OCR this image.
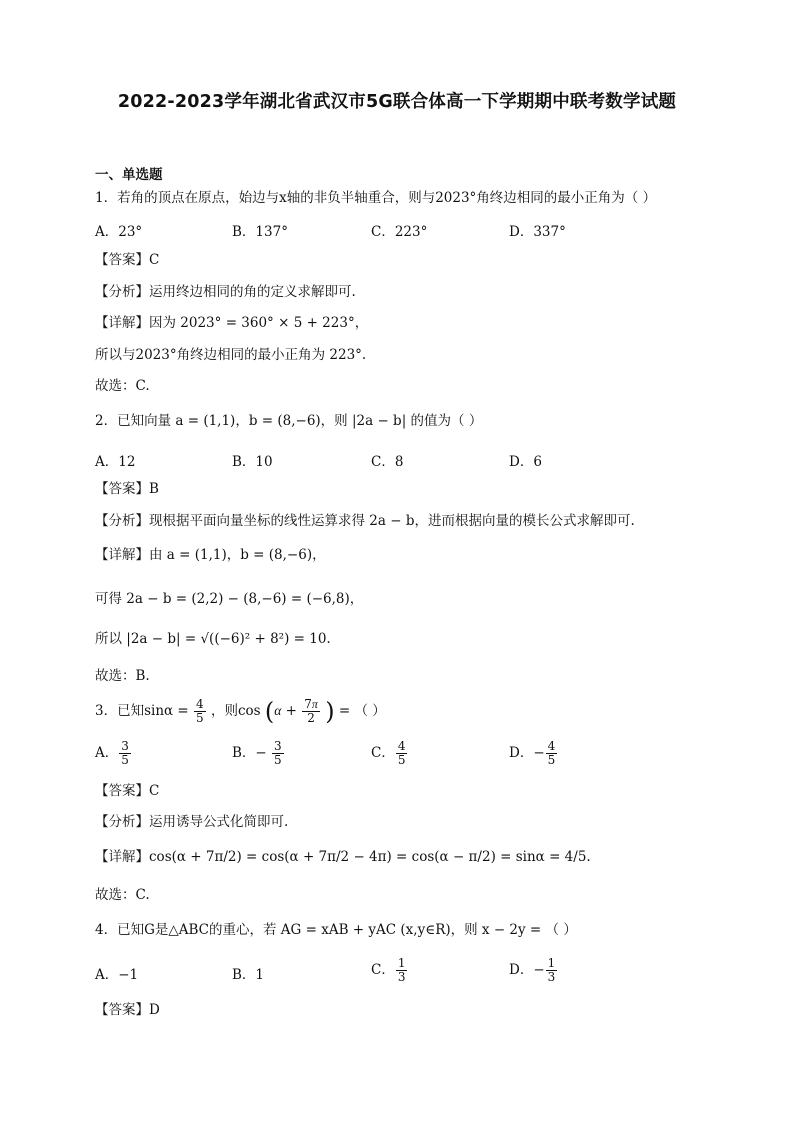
2022-2023学年湖北省武汉市5G联合体高一下学期期中联考数学试题
一、单选题
1．若角的顶点在原点，始边与x轴的非负半轴重合，则与2023°角终边相同的最小正角为（ ）
A．23°	B．137°	C．223°	D．337°
【答案】C
【分析】运用终边相同的角的定义求解即可.
【详解】因为 2023° = 360° × 5 + 223°，
所以与2023°角终边相同的最小正角为 223°.
故选：C.
2．已知向量 a = (1,1)，b = (8,−6)，则 |2a − b| 的值为（ ）
A．12	B．10	C．8	D．6
【答案】B
【分析】现根据平面向量坐标的线性运算求得 2a − b，进而根据向量的模长公式求解即可.
【详解】由 a = (1,1)，b = (8,−6)，
可得 2a − b = (2,2) − (8,−6) = (−6,8)，
所以 |2a − b| = √((−6)² + 8²) = 10.
故选：B.
3．已知$\sin\alpha = \frac{4}{5}$ ，则$\cos (\alpha + \frac{7\pi}{2}$ ) = （ ）
A． $\frac{3}{5}$	B．− $\frac{3}{5}$	C． $\frac{4}{5}$	D．− $\frac{4}{5}$
【答案】C
【分析】运用诱导公式化简即可.
【详解】cos(α + 7π/2) = cos(α + 7π/2 − 4π) = cos(α − π/2) = sinα = 4/5.
故选：C.
4．已知G是△ABC的重心，若 AG = xAB + yAC (x,y∈R)，则 x − 2y = （ ）
A．−1	B．1	C． $\frac{1}{3}$	D．− $\frac{1}{3}$
【答案】D
